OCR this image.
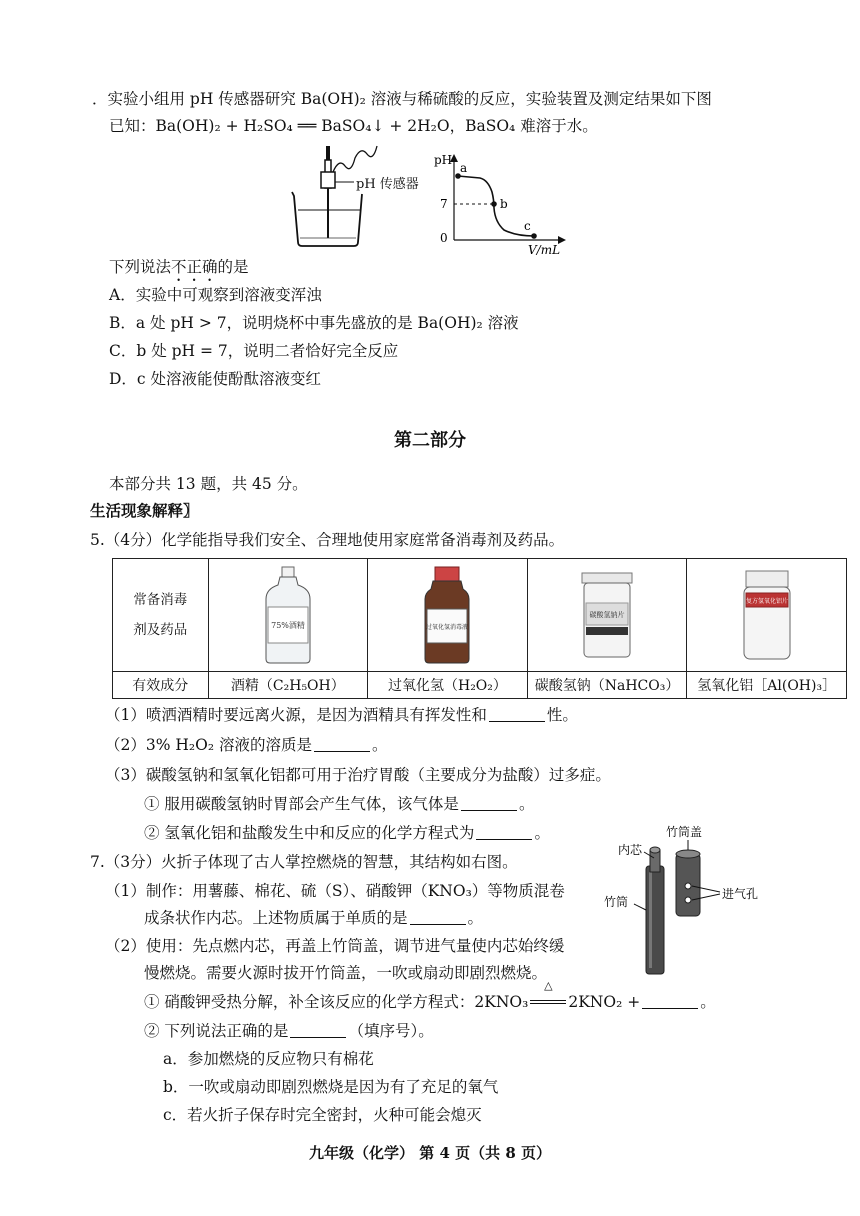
．实验小组用 pH 传感器研究 Ba(OH)₂ 溶液与稀硫酸的反应，实验装置及测定结果如下图
已知：Ba(OH)₂ + H₂SO₄ ══ BaSO₄↓ + 2H₂O，BaSO₄ 难溶于水。
pH 传感器
pH
7
0
a
b
c
V/mL
下列说法不正确的是
A．实验中可观察到溶液变浑浊
B．a 处 pH > 7，说明烧杯中事先盛放的是 Ba(OH)₂ 溶液
C．b 处 pH = 7，说明二者恰好完全反应
D．c 处溶液能使酚酞溶液变红
第二部分
本部分共 13 题，共 45 分。
生活现象解释〗
5.（4分）化学能指导我们安全、合理地使用家庭常备消毒剂及药品。
常备消毒剂及药品	75%酒精	过氧化氢消毒液	碳酸氢钠片	复方氢氧化铝片

有效成分	酒精（C₂H₅OH）	过氧化氢（H₂O₂）	碳酸氢钠（NaHCO₃）	氢氧化铝［Al(OH)₃］
（1）喷洒酒精时要远离火源，是因为酒精具有挥发性和	性。
（2）3% H₂O₂ 溶液的溶质是	。
（3）碳酸氢钠和氢氧化铝都可用于治疗胃酸（主要成分为盐酸）过多症。
① 服用碳酸氢钠时胃部会产生气体，该气体是	。
② 氢氧化铝和盐酸发生中和反应的化学方程式为	。
7.（3分）火折子体现了古人掌控燃烧的智慧，其结构如右图。
（1）制作：用薯藤、棉花、硫（S）、硝酸钾（KNO₃）等物质混卷
成条状作内芯。上述物质属于单质的是	。
（2）使用：先点燃内芯，再盖上竹筒盖，调节进气量使内芯始终缓
慢燃烧。需要火源时拔开竹筒盖，一吹或扇动即剧烈燃烧。
① 硝酸钾受热分解，补全该反应的化学方程式：2KNO₃
△
2KNO₂ +	。
② 下列说法正确的是	（填序号）。
a．参加燃烧的反应物只有棉花
b．一吹或扇动即剧烈燃烧是因为有了充足的氧气
c．若火折子保存时完全密封，火种可能会熄灭
竹筒盖
内芯
进气孔
竹筒
九年级（化学） 第 4 页（共 8 页）
